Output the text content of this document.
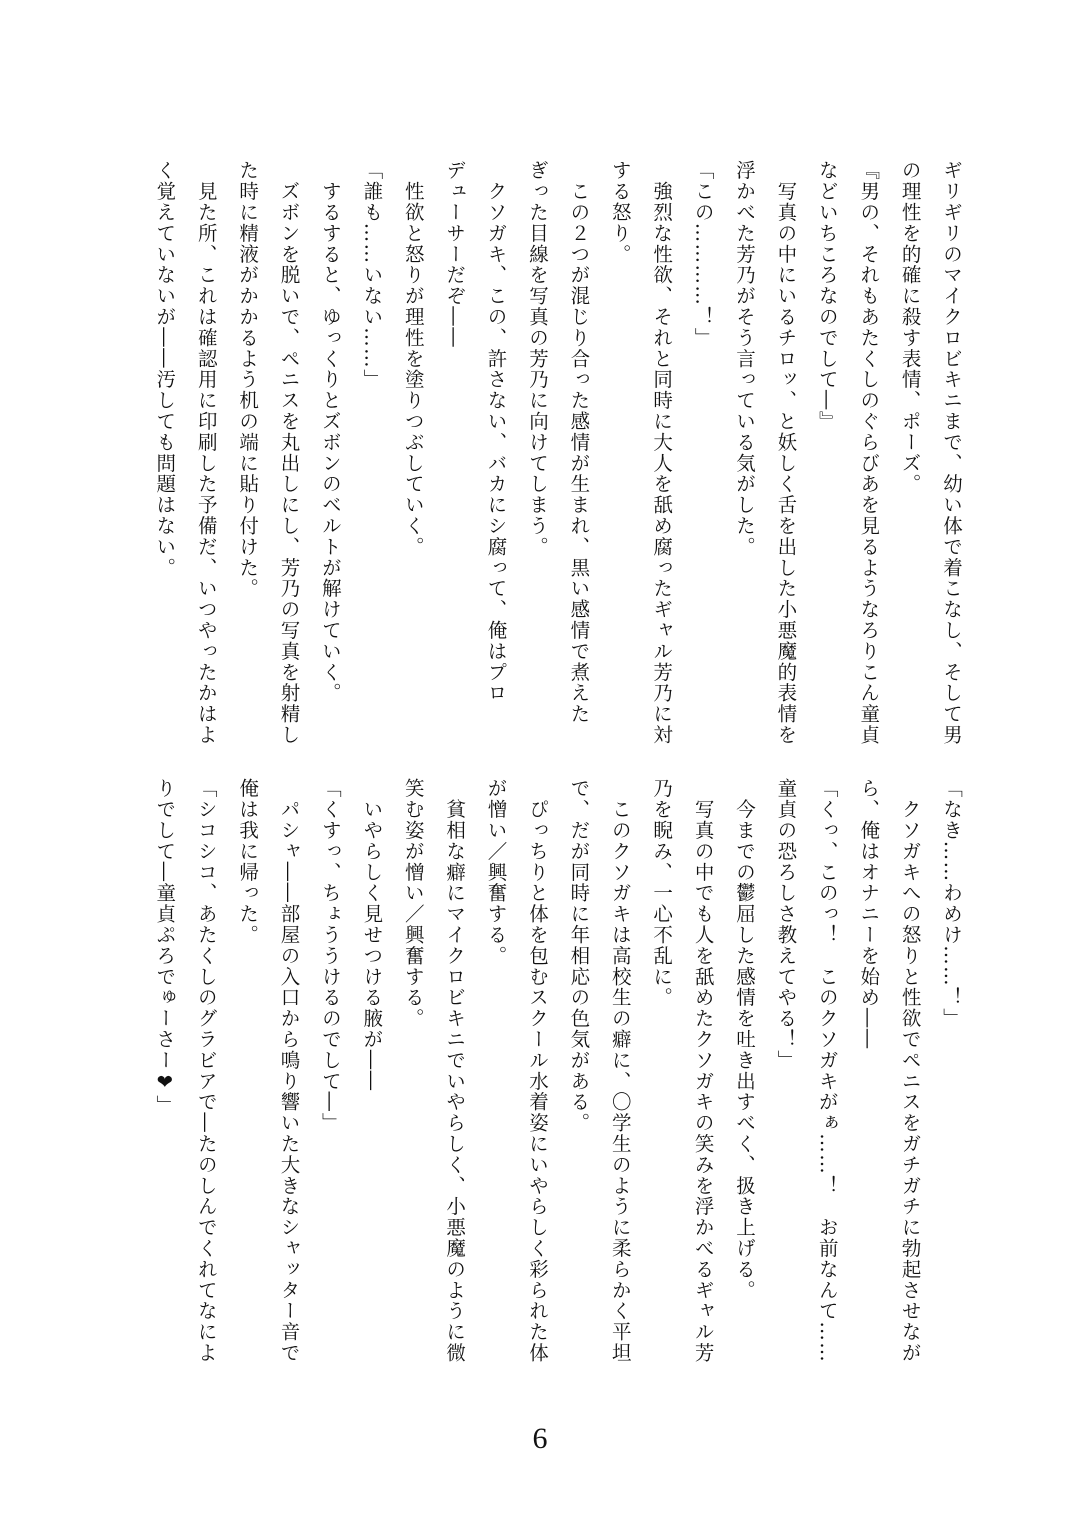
ギリギリのマイクロビキニまで、幼い体で着こなし、そして男
の理性を的確に殺す表情、ポーズ。
『男の、それもあたくしのぐらびあを見るようなろりこん童貞
などいちころなのでして―』
　写真の中にいるチロッ、と妖しく舌を出した小悪魔的表情を
浮かべた芳乃がそう言っている気がした。
「この…………！」
　強烈な性欲、それと同時に大人を舐め腐ったギャル芳乃に対
する怒り。
　この２つが混じり合った感情が生まれ、黒い感情で煮えた
ぎった目線を写真の芳乃に向けてしまう。
　クソガキ、この、許さない、バカにシ腐って、俺はプロ
デューサーだぞ――
　性欲と怒りが理性を塗りつぶしていく。
「誰も……いない……」
　するすると、ゆっくりとズボンのベルトが解けていく。
　ズボンを脱いで、ペニスを丸出しにし、芳乃の写真を射精し
た時に精液がかかるよう机の端に貼り付けた。
　見た所、これは確認用に印刷した予備だ、いつやったかはよ
く覚えていないが――汚しても問題はない。
「なき……わめけ……！」
　クソガキへの怒りと性欲でペニスをガチガチに勃起させなが
ら、俺はオナニーを始め――
「くっ、このっ！　このクソガキがぁ……！　お前なんて……
童貞の恐ろしさ教えてやる！」
　今までの鬱屈した感情を吐き出すべく、扱き上げる。
　写真の中でも人を舐めたクソガキの笑みを浮かべるギャル芳
乃を睨み、一心不乱に。
　このクソガキは高校生の癖に、〇学生のように柔らかく平坦
で、だが同時に年相応の色気がある。
　ぴっちりと体を包むスクール水着姿にいやらしく彩られた体
が憎い／興奮する。
　貧相な癖にマイクロビキニでいやらしく、小悪魔のように微
笑む姿が憎い／興奮する。
　いやらしく見せつける腋が――
「くすっ、ちょううけるのでして―」
　パシャ――部屋の入口から鳴り響いた大きなシャッター音で
俺は我に帰った。
「シコシコ、あたくしのグラビアで―たのしんでくれてなによ
りでして―童貞ぷろでゅーさー❤」
6
